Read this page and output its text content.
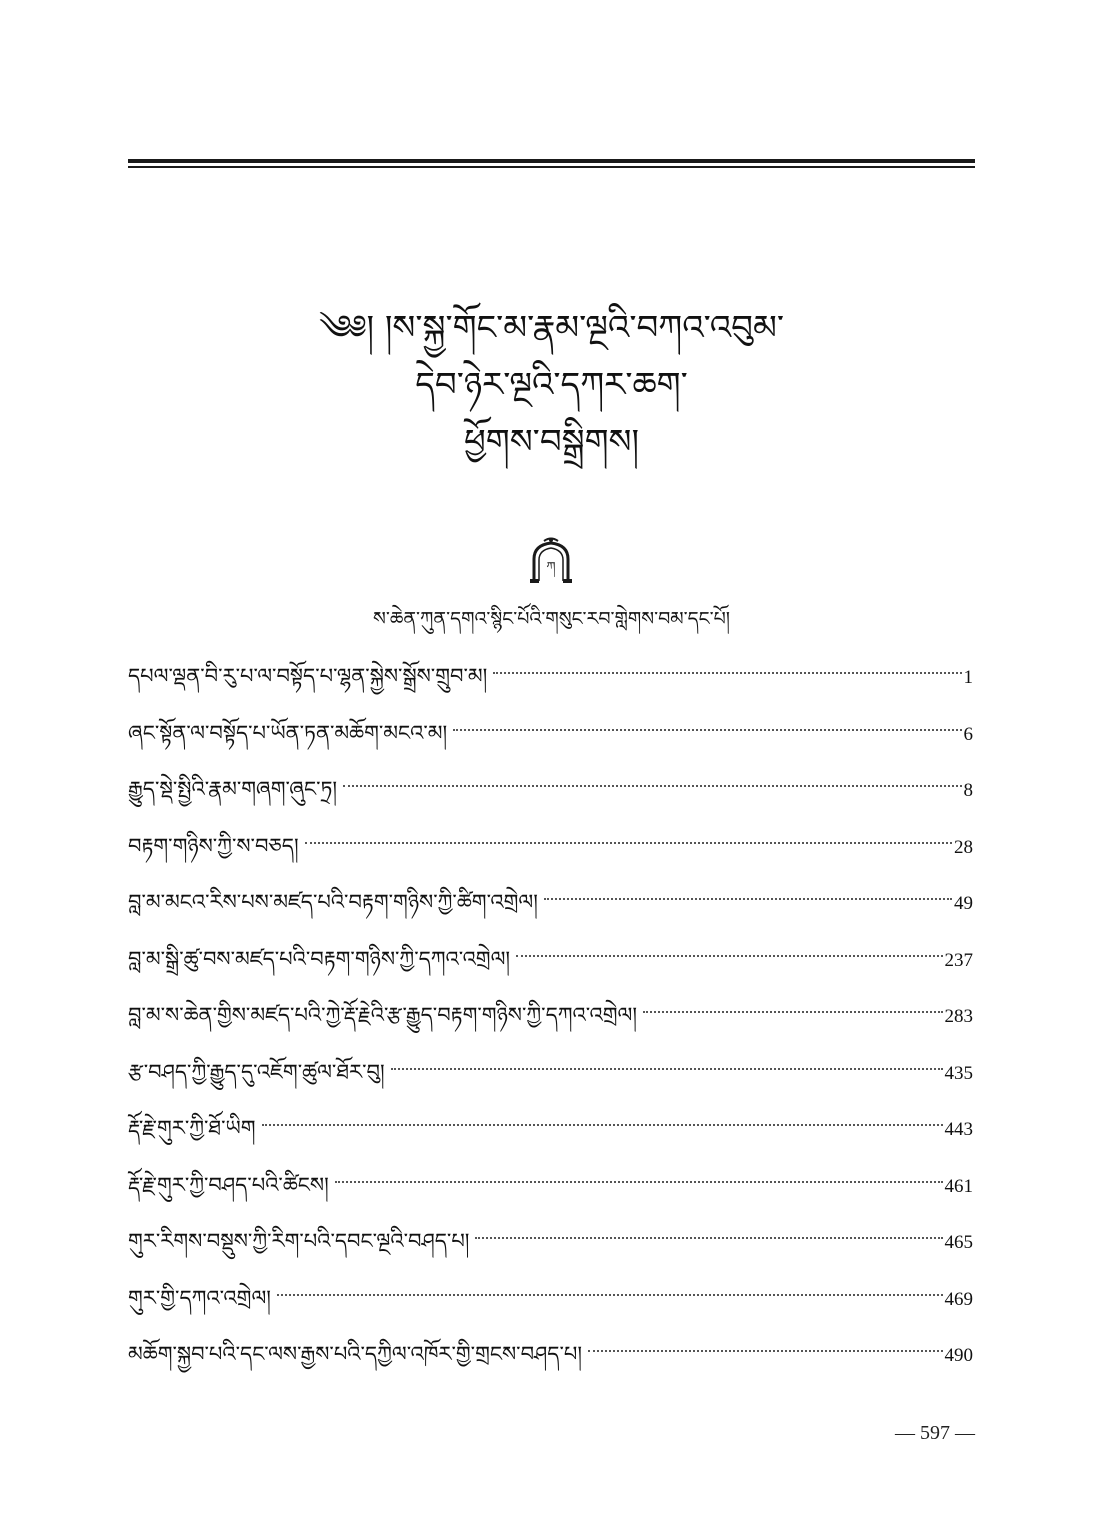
༄༅། །ས་སྐྱ་གོང་མ་རྣམ་ལྔའི་བཀའ་འབུམ་
དེབ་ཉེར་ལྔའི་དཀར་ཆག་
ཕྱོགས་བསྒྲིགས།
ཀ
ས་ཆེན་ཀུན་དགའ་སྙིང་པོའི་གསུང་རབ་གླེགས་བམ་དང་པོ།
དཔལ་ལྡན་བི་རུ་པ་ལ་བསྟོད་པ་ལྷན་སྐྱེས་སྒྲོས་གྲུབ་མ།	1
ཞང་སྟོན་ལ་བསྟོད་པ་ཡོན་ཏན་མཆོག་མངའ་མ།	6
རྒྱུད་སྡེ་སྤྱིའི་རྣམ་གཞག་ཞུང་ཏྲ།	8
བརྟག་གཉིས་ཀྱི་ས་བཅད།	28
བླ་མ་མངའ་རིས་པས་མཛད་པའི་བརྟག་གཉིས་ཀྱི་ཚིག་འགྲེལ།	49
བླ་མ་སྒྲི་ཚུ་བས་མཛད་པའི་བརྟག་གཉིས་ཀྱི་དཀའ་འགྲེལ།	237
བླ་མ་ས་ཆེན་གྱིས་མཛད་པའི་ཀྱེ་རྡོ་རྗེའི་རྩ་རྒྱུད་བརྟག་གཉིས་ཀྱི་དཀའ་འགྲེལ།	283
རྩ་བཤད་ཀྱི་རྒྱུད་དུ་འཇོག་ཚུལ་ཐོར་བུ།	435
རྡོ་རྗེ་གུར་ཀྱི་ཐོ་ཡིག	443
རྡོ་རྗེ་གུར་ཀྱི་བཤད་པའི་ཚིངས།	461
གུར་རིགས་བསྡུས་ཀྱི་རིག་པའི་དབང་ལྔའི་བཤད་པ།	465
གུར་གྱི་དཀའ་འགྲེལ།	469
མཆོག་སྐྱབ་པའི་དང་ལས་རྒྱས་པའི་དཀྱིལ་འཁོར་གྱི་གྲངས་བཤད་པ།	490
— 597 —
